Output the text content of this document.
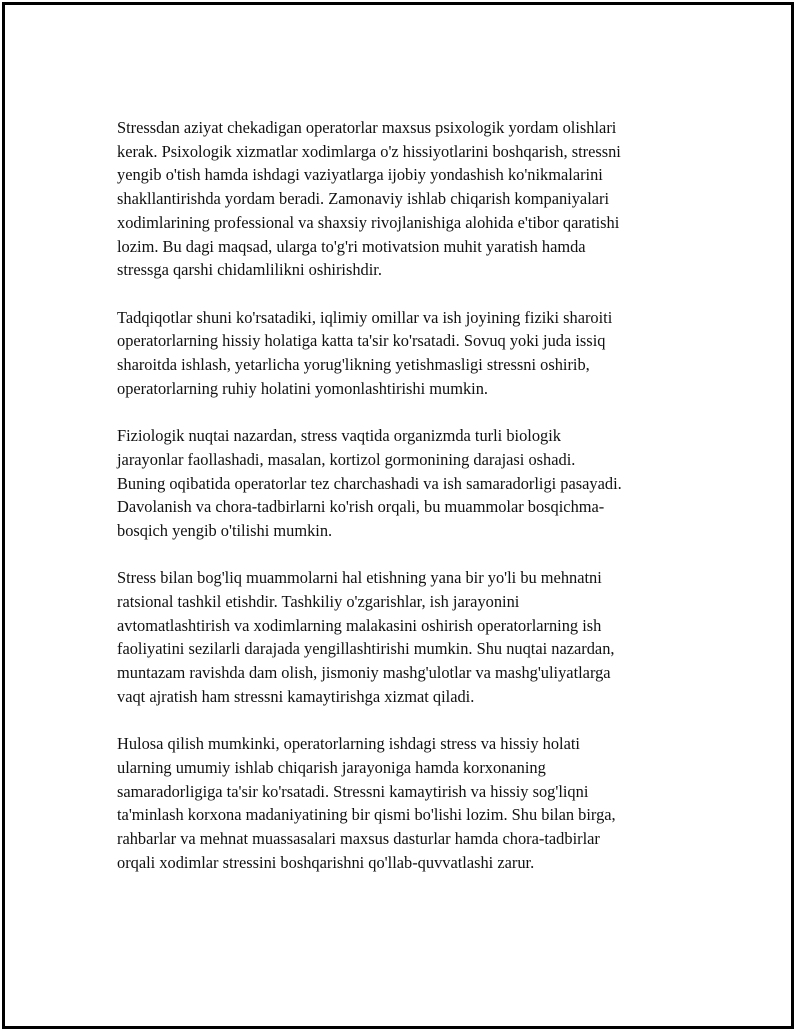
Stressdan aziyat chekadigan operatorlar maxsus psixologik yordam olishlari
kerak. Psixologik xizmatlar xodimlarga o'z hissiyotlarini boshqarish, stressni
yengib o'tish hamda ishdagi vaziyatlarga ijobiy yondashish ko'nikmalarini
shakllantirishda yordam beradi. Zamonaviy ishlab chiqarish kompaniyalari
xodimlarining professional va shaxsiy rivojlanishiga alohida e'tibor qaratishi
lozim. Bu dagi maqsad, ularga to'g'ri motivatsion muhit yaratish hamda
stressga qarshi chidamlilikni oshirishdir.

Tadqiqotlar shuni ko'rsatadiki, iqlimiy omillar va ish joyining fiziki sharoiti
operatorlarning hissiy holatiga katta ta'sir ko'rsatadi. Sovuq yoki juda issiq
sharoitda ishlash, yetarlicha yorug'likning yetishmasligi stressni oshirib,
operatorlarning ruhiy holatini yomonlashtirishi mumkin.

Fiziologik nuqtai nazardan, stress vaqtida organizmda turli biologik
jarayonlar faollashadi, masalan, kortizol gormonining darajasi oshadi.
Buning oqibatida operatorlar tez charchashadi va ish samaradorligi pasayadi.
Davolanish va chora-tadbirlarni ko'rish orqali, bu muammolar bosqichma-
bosqich yengib o'tilishi mumkin.

Stress bilan bog'liq muammolarni hal etishning yana bir yo'li bu mehnatni
ratsional tashkil etishdir. Tashkiliy o'zgarishlar, ish jarayonini
avtomatlashtirish va xodimlarning malakasini oshirish operatorlarning ish
faoliyatini sezilarli darajada yengillashtirishi mumkin. Shu nuqtai nazardan,
muntazam ravishda dam olish, jismoniy mashg'ulotlar va mashg'uliyatlarga
vaqt ajratish ham stressni kamaytirishga xizmat qiladi.

Hulosa qilish mumkinki, operatorlarning ishdagi stress va hissiy holati
ularning umumiy ishlab chiqarish jarayoniga hamda korxonaning
samaradorligiga ta'sir ko'rsatadi. Stressni kamaytirish va hissiy sog'liqni
ta'minlash korxona madaniyatining bir qismi bo'lishi lozim. Shu bilan birga,
rahbarlar va mehnat muassasalari maxsus dasturlar hamda chora-tadbirlar
orqali xodimlar stressini boshqarishni qo'llab-quvvatlashi zarur.
